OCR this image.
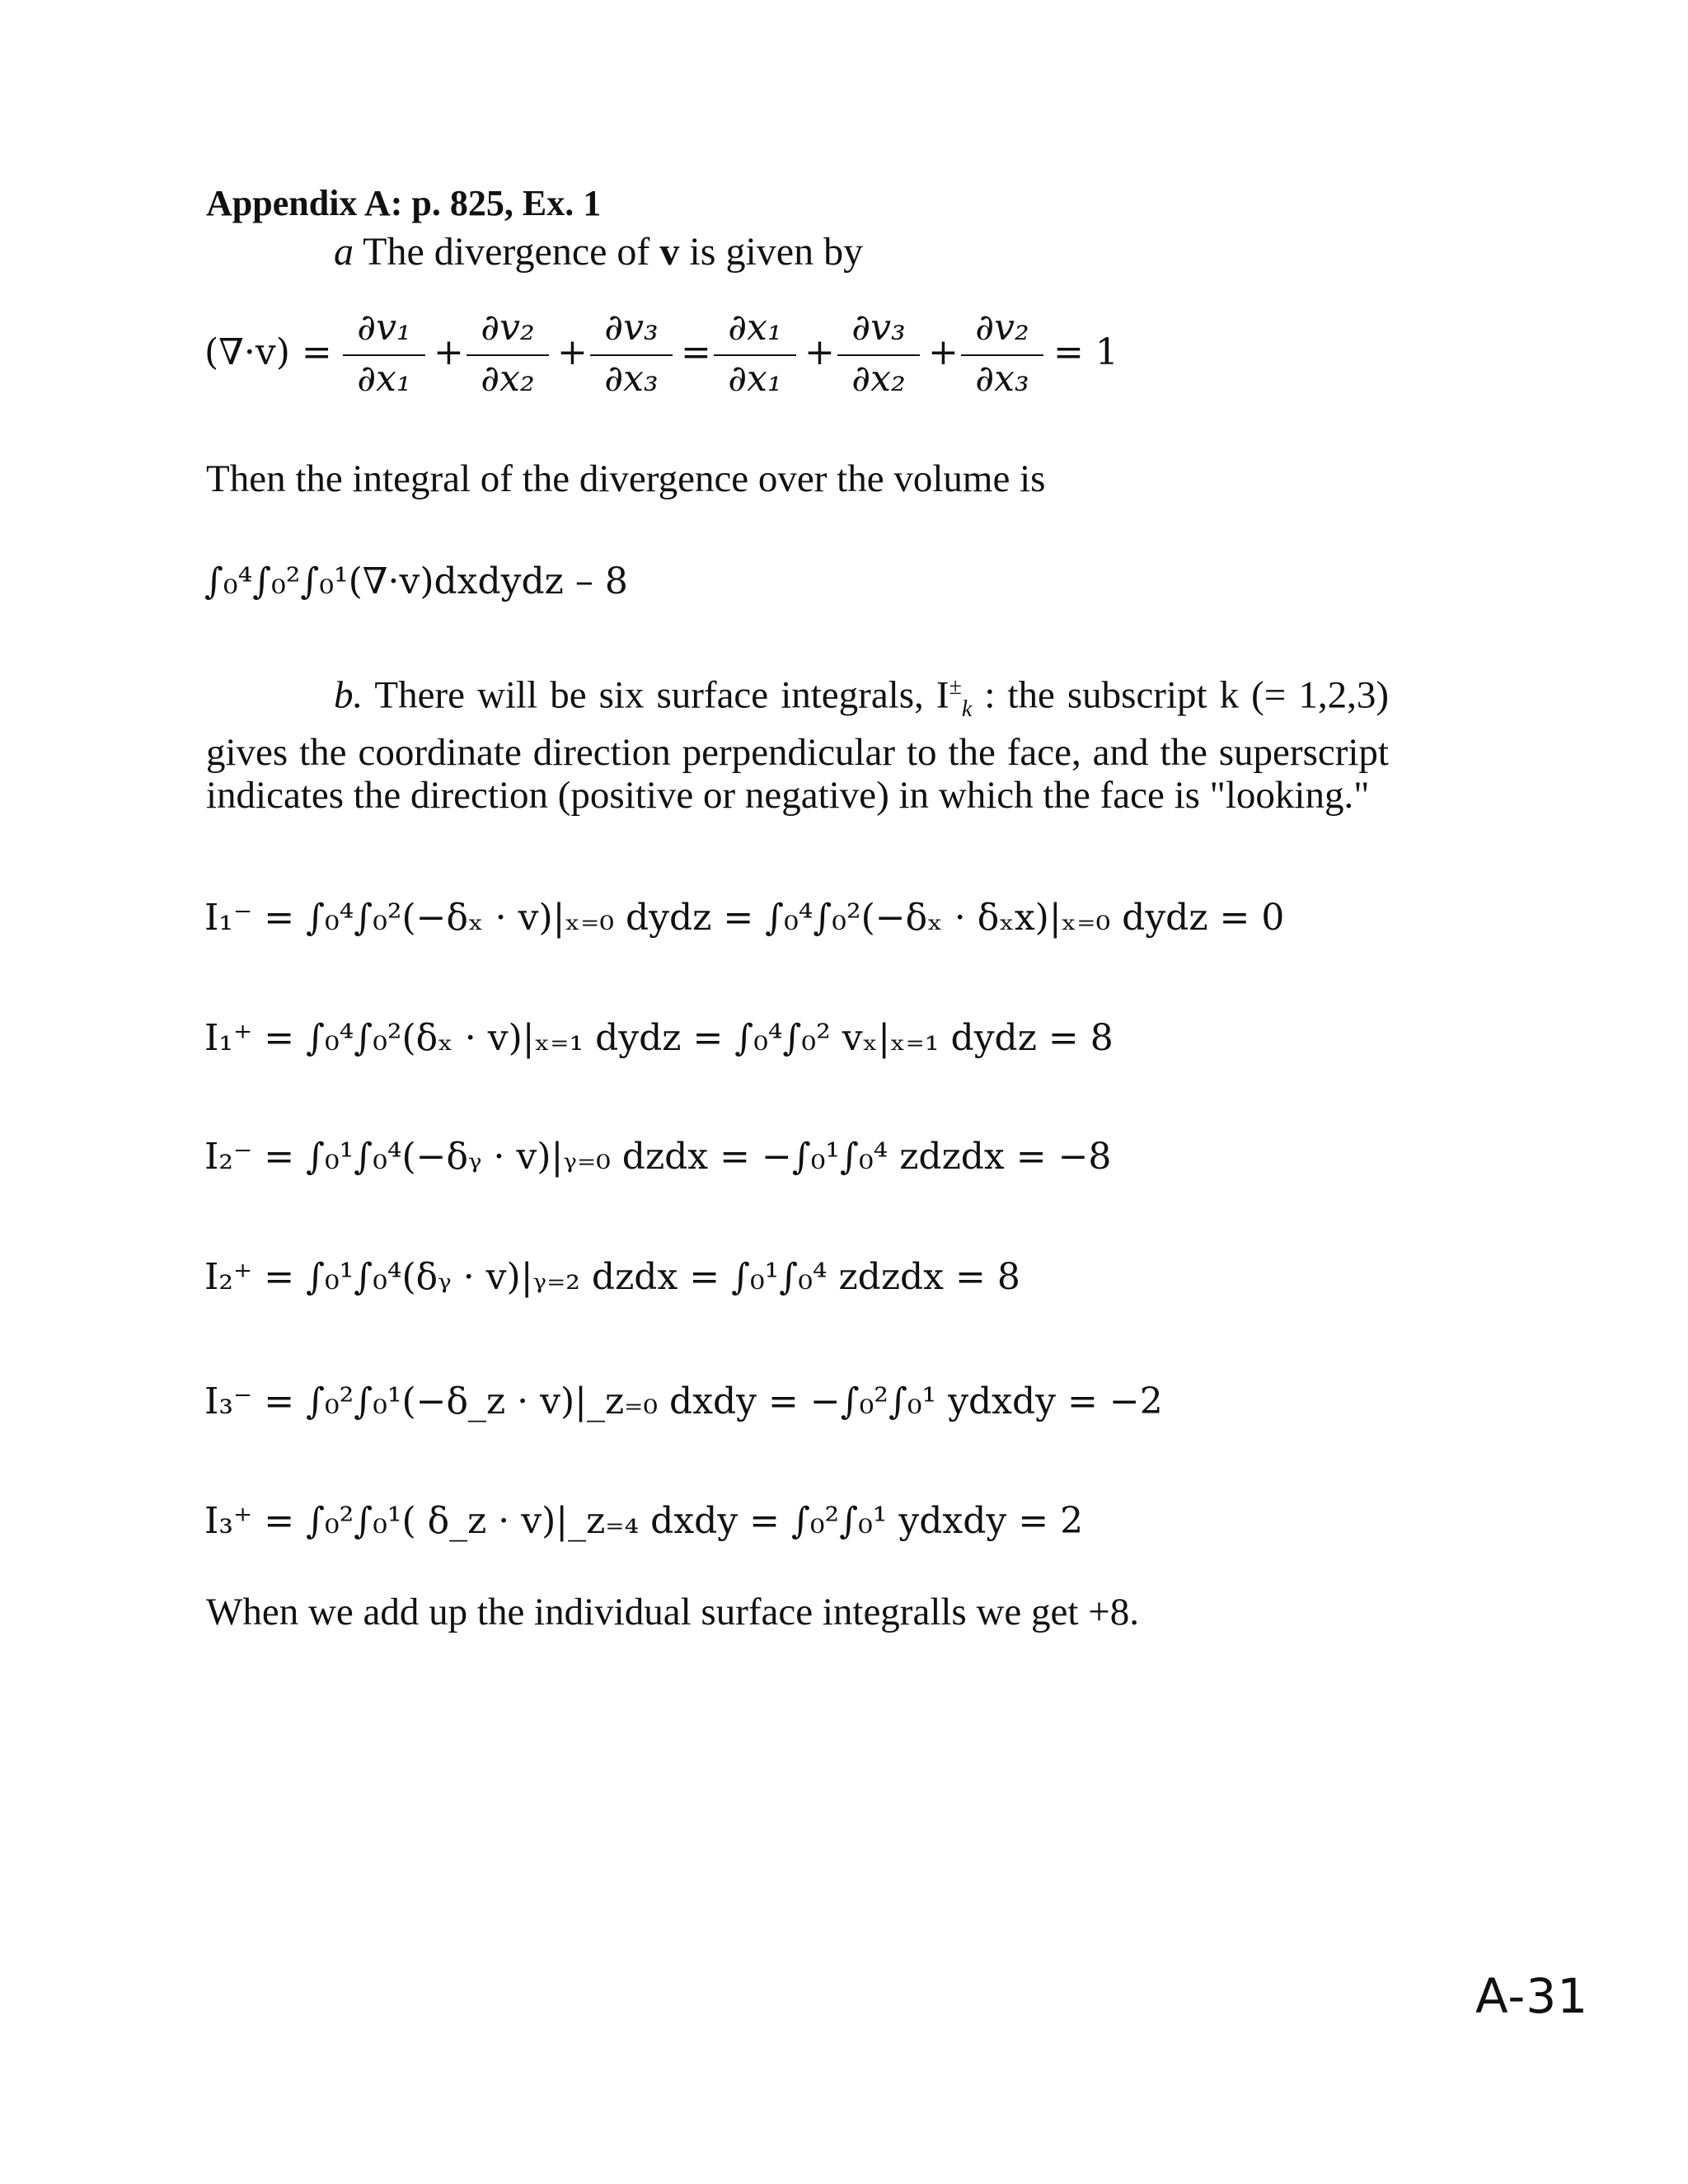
Appendix A: p. 825, Ex. 1
a The divergence of v is given by
(∇·v) =
∂v₁
∂x₁
+
∂v₂
∂x₂
+
∂v₃
∂x₃
=
∂x₁
∂x₁
+
∂v₃
∂x₂
+
∂v₂
∂x₃
= 1
Then the integral of the divergence over the volume is
∫₀⁴∫₀²∫₀¹(∇·v)dxdydz – 8
b. There will be six surface integrals, $I^\pm_k$ : the subscript k (= 1,2,3) gives the coordinate direction perpendicular to the face, and the superscript indicates the direction (positive or negative) in which the face is "looking."
I₁⁻ = ∫₀⁴∫₀²(−δₓ · v)|ₓ₌₀ dydz = ∫₀⁴∫₀²(−δₓ · δₓx)|ₓ₌₀ dydz = 0
I₁⁺ = ∫₀⁴∫₀²(δₓ · v)|ₓ₌₁ dydz = ∫₀⁴∫₀² vₓ|ₓ₌₁ dydz = 8
I₂⁻ = ∫₀¹∫₀⁴(−δᵧ · v)|ᵧ₌₀ dzdx = −∫₀¹∫₀⁴ zdzdx = −8
I₂⁺ = ∫₀¹∫₀⁴(δᵧ · v)|ᵧ₌₂ dzdx = ∫₀¹∫₀⁴ zdzdx = 8
I₃⁻ = ∫₀²∫₀¹(−δ_z · v)|_z₌₀ dxdy = −∫₀²∫₀¹ ydxdy = −2
I₃⁺ = ∫₀²∫₀¹( δ_z · v)|_z₌₄ dxdy = ∫₀²∫₀¹ ydxdy = 2
When we add up the individual surface integralls we get +8.
A-31
